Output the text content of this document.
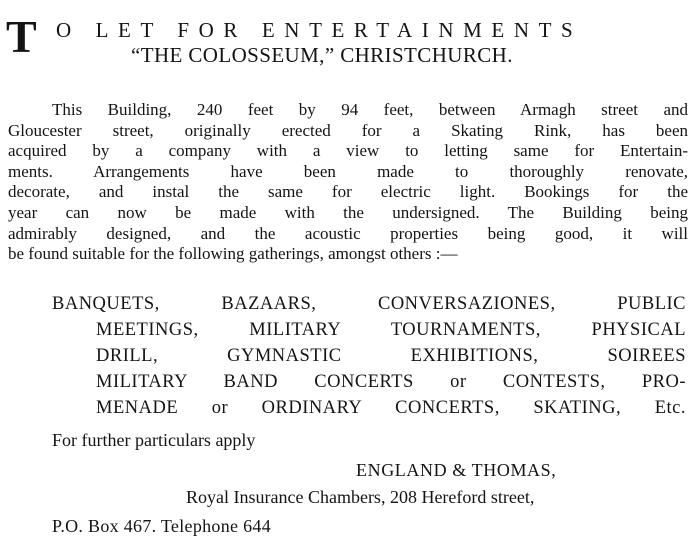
T O LET FOR ENTERTAINMENTS
“THE COLOSSEUM,” CHRISTCHURCH.
This Building, 240 feet by 94 feet, between Armagh street and
Gloucester street, originally erected for a Skating Rink, has been
acquired by a company with a view to letting same for Entertain-
ments. Arrangements have been made to thoroughly renovate,
decorate, and instal the same for electric light. Bookings for the
year can now be made with the undersigned. The Building being
admirably designed, and the acoustic properties being good, it will
be found suitable for the following gatherings, amongst others :—
BANQUETS, BAZAARS, CONVERSAZIONES, PUBLIC
MEETINGS, MILITARY TOURNAMENTS, PHYSICAL
DRILL, GYMNASTIC EXHIBITIONS, SOIREES
MILITARY BAND CONCERTS or CONTESTS, PRO-
MENADE or ORDINARY CONCERTS, SKATING, Etc.
For further particulars apply
ENGLAND & THOMAS,
Royal Insurance Chambers, 208 Hereford street,
P.O. Box 467. Telephone 644
